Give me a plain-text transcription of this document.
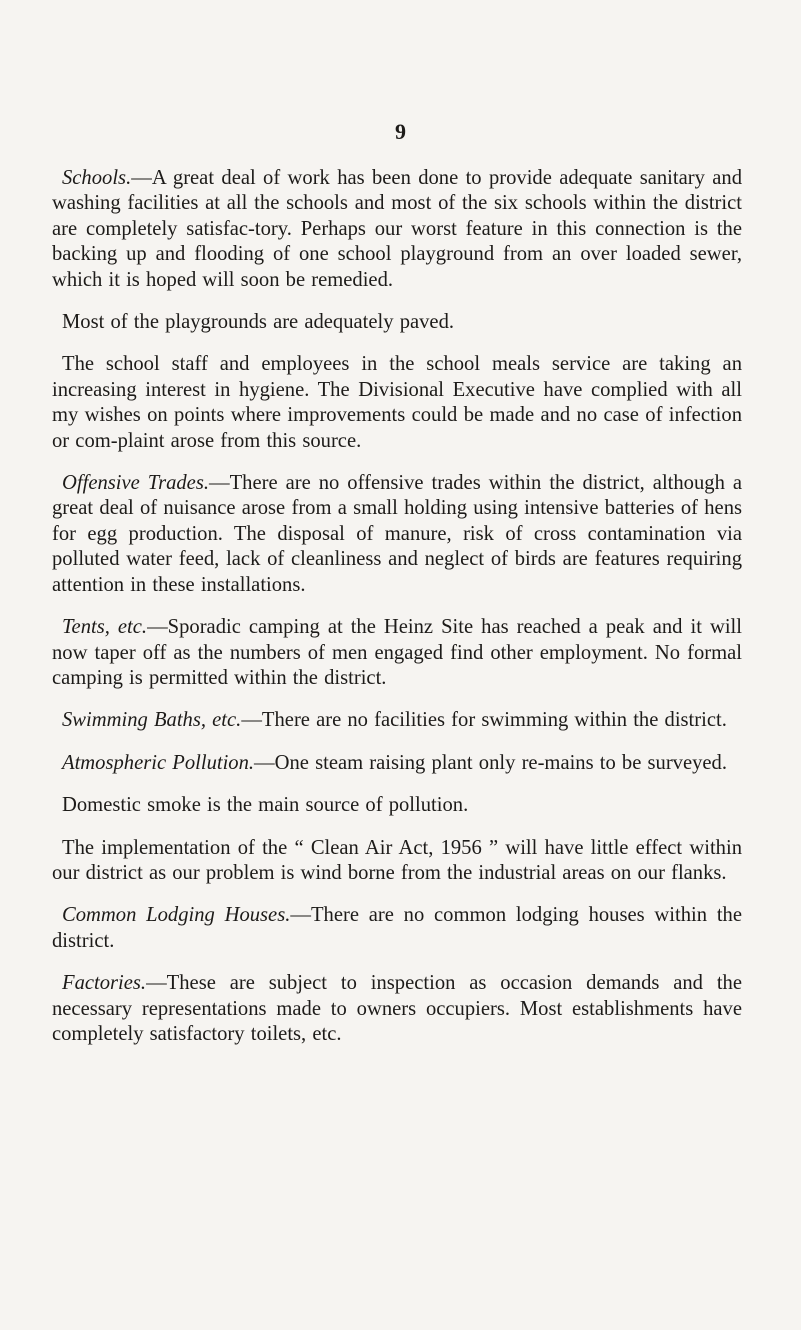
9

Schools.—A great deal of work has been done to provide adequate sanitary and washing facilities at all the schools and most of the six schools within the district are completely satisfac-tory. Perhaps our worst feature in this connection is the backing up and flooding of one school playground from an over loaded sewer, which it is hoped will soon be remedied.

Most of the playgrounds are adequately paved.

The school staff and employees in the school meals service are taking an increasing interest in hygiene. The Divisional Executive have complied with all my wishes on points where improvements could be made and no case of infection or com-plaint arose from this source.

Offensive Trades.—There are no offensive trades within the district, although a great deal of nuisance arose from a small holding using intensive batteries of hens for egg production. The disposal of manure, risk of cross contamination via polluted water feed, lack of cleanliness and neglect of birds are features requiring attention in these installations.

Tents, etc.—Sporadic camping at the Heinz Site has reached a peak and it will now taper off as the numbers of men engaged find other employment. No formal camping is permitted within the district.

Swimming Baths, etc.—There are no facilities for swimming within the district.

Atmospheric Pollution.—One steam raising plant only re-mains to be surveyed.

Domestic smoke is the main source of pollution.

The implementation of the “ Clean Air Act, 1956 ” will have little effect within our district as our problem is wind borne from the industrial areas on our flanks.

Common Lodging Houses.—There are no common lodging houses within the district.

Factories.—These are subject to inspection as occasion demands and the necessary representations made to owners occupiers. Most establishments have completely satisfactory toilets, etc.
